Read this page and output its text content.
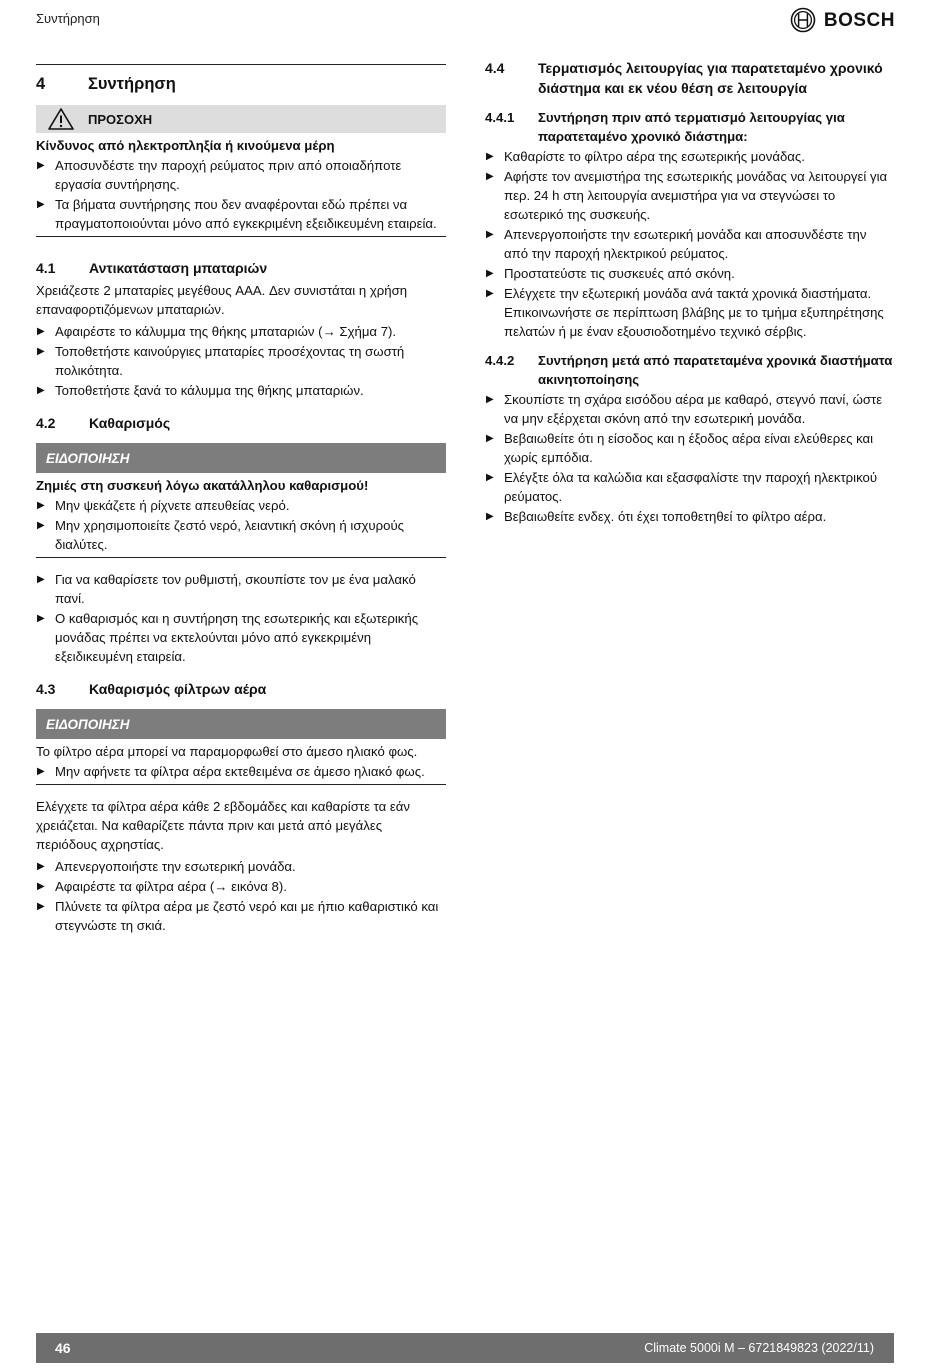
Συντήρηση	BOSCH
4	Συντήρηση
ΠΡΟΣΟΧΗ
Κίνδυνος από ηλεκτροπληξία ή κινούμενα μέρη
▶ Αποσυνδέστε την παροχή ρεύματος πριν από οποιαδήποτε εργασία συντήρησης.
▶ Τα βήματα συντήρησης που δεν αναφέρονται εδώ πρέπει να πραγματοποιούνται μόνο από εγκεκριμένη εξειδικευμένη εταιρεία.
4.1	Αντικατάσταση μπαταριών

Χρειάζεστε 2 μπαταρίες μεγέθους AAA. Δεν συνιστάται η χρήση επαναφορτιζόμενων μπαταριών.

▶ Αφαιρέστε το κάλυμμα της θήκης μπαταριών (→ Σχήμα 7).
▶ Τοποθετήστε καινούργιες μπαταρίες προσέχοντας τη σωστή πολικότητα.
▶ Τοποθετήστε ξανά το κάλυμμα της θήκης μπαταριών.
4.2	Καθαρισμός
ΕΙΔΟΠΟΙΗΣΗ
Ζημιές στη συσκευή λόγω ακατάλληλου καθαρισμού!
▶ Μην ψεκάζετε ή ρίχνετε απευθείας νερό.
▶ Μην χρησιμοποιείτε ζεστό νερό, λειαντική σκόνη ή ισχυρούς διαλύτες.
▶ Για να καθαρίσετε τον ρυθμιστή, σκουπίστε τον με ένα μαλακό πανί.
▶ Ο καθαρισμός και η συντήρηση της εσωτερικής και εξωτερικής μονάδας πρέπει να εκτελούνται μόνο από εγκεκριμένη εξειδικευμένη εταιρεία.
4.3	Καθαρισμός φίλτρων αέρα
ΕΙΔΟΠΟΙΗΣΗ

Το φίλτρο αέρα μπορεί να παραμορφωθεί στο άμεσο ηλιακό φως.

▶ Μην αφήνετε τα φίλτρα αέρα εκτεθειμένα σε άμεσο ηλιακό φως.

Ελέγχετε τα φίλτρα αέρα κάθε 2 εβδομάδες και καθαρίστε τα εάν χρειάζεται. Να καθαρίζετε πάντα πριν και μετά από μεγάλες περιόδους αχρηστίας.

▶ Απενεργοποιήστε την εσωτερική μονάδα.
▶ Αφαιρέστε τα φίλτρα αέρα (→ εικόνα 8).
▶ Πλύνετε τα φίλτρα αέρα με ζεστό νερό και με ήπιο καθαριστικό και στεγνώστε τη σκιά.
4.4	Τερματισμός λειτουργίας για παρατεταμένο χρονικό διάστημα και εκ νέου θέση σε λειτουργία
4.4.1	Συντήρηση πριν από τερματισμό λειτουργίας για παρατεταμένο χρονικό διάστημα:
▶ Καθαρίστε το φίλτρο αέρα της εσωτερικής μονάδας.
▶ Αφήστε τον ανεμιστήρα της εσωτερικής μονάδας να λειτουργεί για περ. 24 h στη λειτουργία ανεμιστήρα για να στεγνώσει το εσωτερικό της συσκευής.
▶ Απενεργοποιήστε την εσωτερική μονάδα και αποσυνδέστε την από την παροχή ηλεκτρικού ρεύματος.
▶ Προστατεύστε τις συσκευές από σκόνη.
▶ Ελέγχετε την εξωτερική μονάδα ανά τακτά χρονικά διαστήματα. Επικοινωνήστε σε περίπτωση βλάβης με το τμήμα εξυπηρέτησης πελατών ή με έναν εξουσιοδοτημένο τεχνικό σέρβις.
4.4.2	Συντήρηση μετά από παρατεταμένα χρονικά διαστήματα ακινητοποίησης
▶ Σκουπίστε τη σχάρα εισόδου αέρα με καθαρό, στεγνό πανί, ώστε να μην εξέρχεται σκόνη από την εσωτερική μονάδα.
▶ Βεβαιωθείτε ότι η είσοδος και η έξοδος αέρα είναι ελεύθερες και χωρίς εμπόδια.
▶ Ελέγξτε όλα τα καλώδια και εξασφαλίστε την παροχή ηλεκτρικού ρεύματος.
▶ Βεβαιωθείτε ενδεχ. ότι έχει τοποθετηθεί το φίλτρο αέρα.
46	Climate 5000i M – 6721849823 (2022/11)
